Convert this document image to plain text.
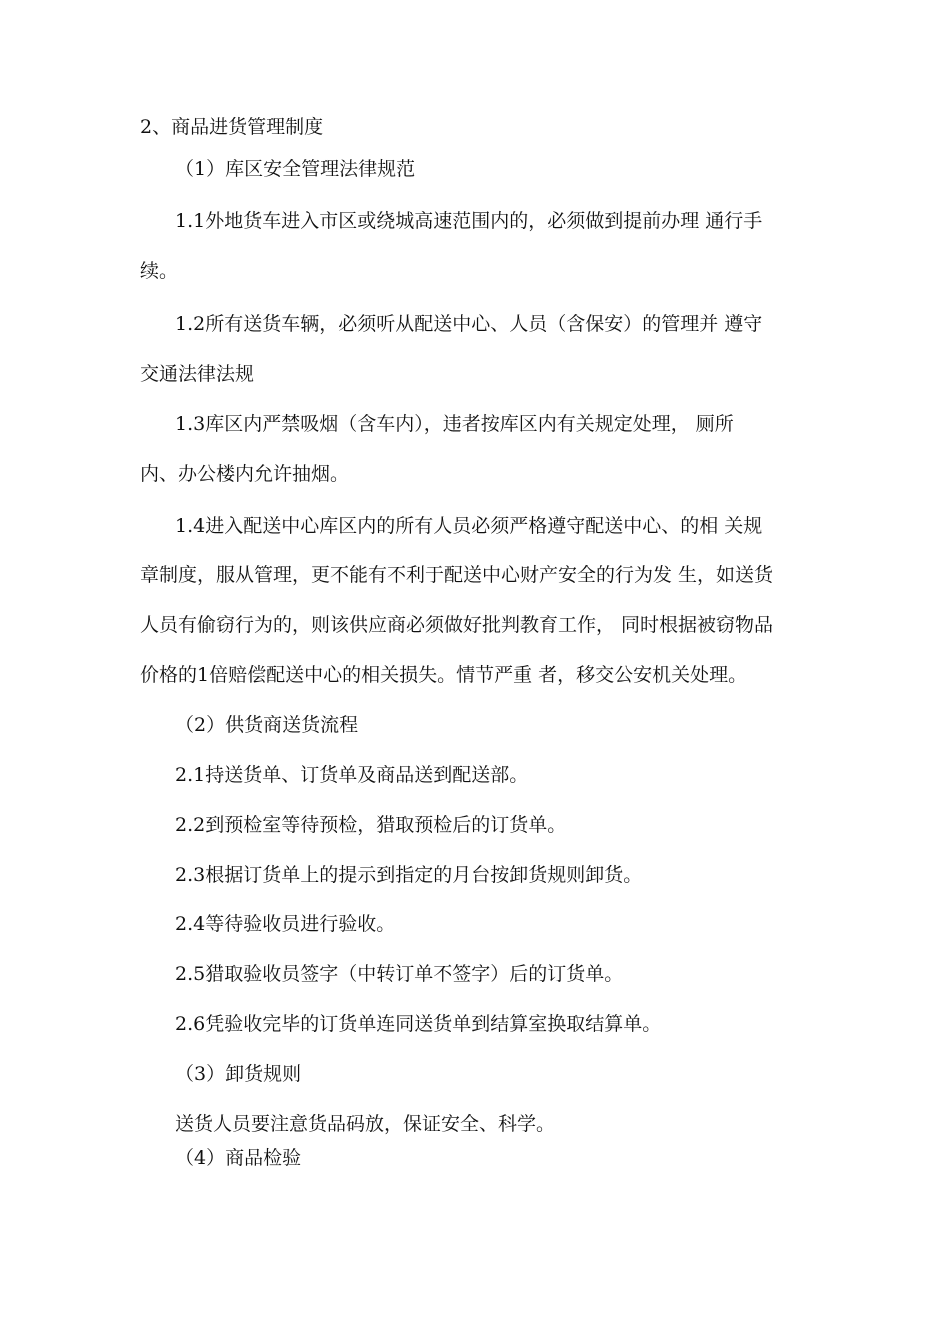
2、商品进货管理制度
（1）库区安全管理法律规范
1.1外地货车进入市区或绕城高速范围内的，必须做到提前办理 通行手
续。
1.2所有送货车辆，必须听从配送中心、人员（含保安）的管理并 遵守
交通法律法规
1.3库区内严禁吸烟（含车内），违者按库区内有关规定处理， 厕所
内、办公楼内允许抽烟。
1.4进入配送中心库区内的所有人员必须严格遵守配送中心、的相 关规
章制度，服从管理，更不能有不利于配送中心财产安全的行为发 生，如送货
人员有偷窃行为的，则该供应商必须做好批判教育工作， 同时根据被窃物品
价格的1倍赔偿配送中心的相关损失。情节严重 者，移交公安机关处理。
（2）供货商送货流程
2.1持送货单、订货单及商品送到配送部。
2.2到预检室等待预检，猎取预检后的订货单。
2.3根据订货单上的提示到指定的月台按卸货规则卸货。
2.4等待验收员进行验收。
2.5猎取验收员签字（中转订单不签字）后的订货单。
2.6凭验收完毕的订货单连同送货单到结算室换取结算单。
（3）卸货规则
送货人员要注意货品码放，保证安全、科学。
（4）商品检验
